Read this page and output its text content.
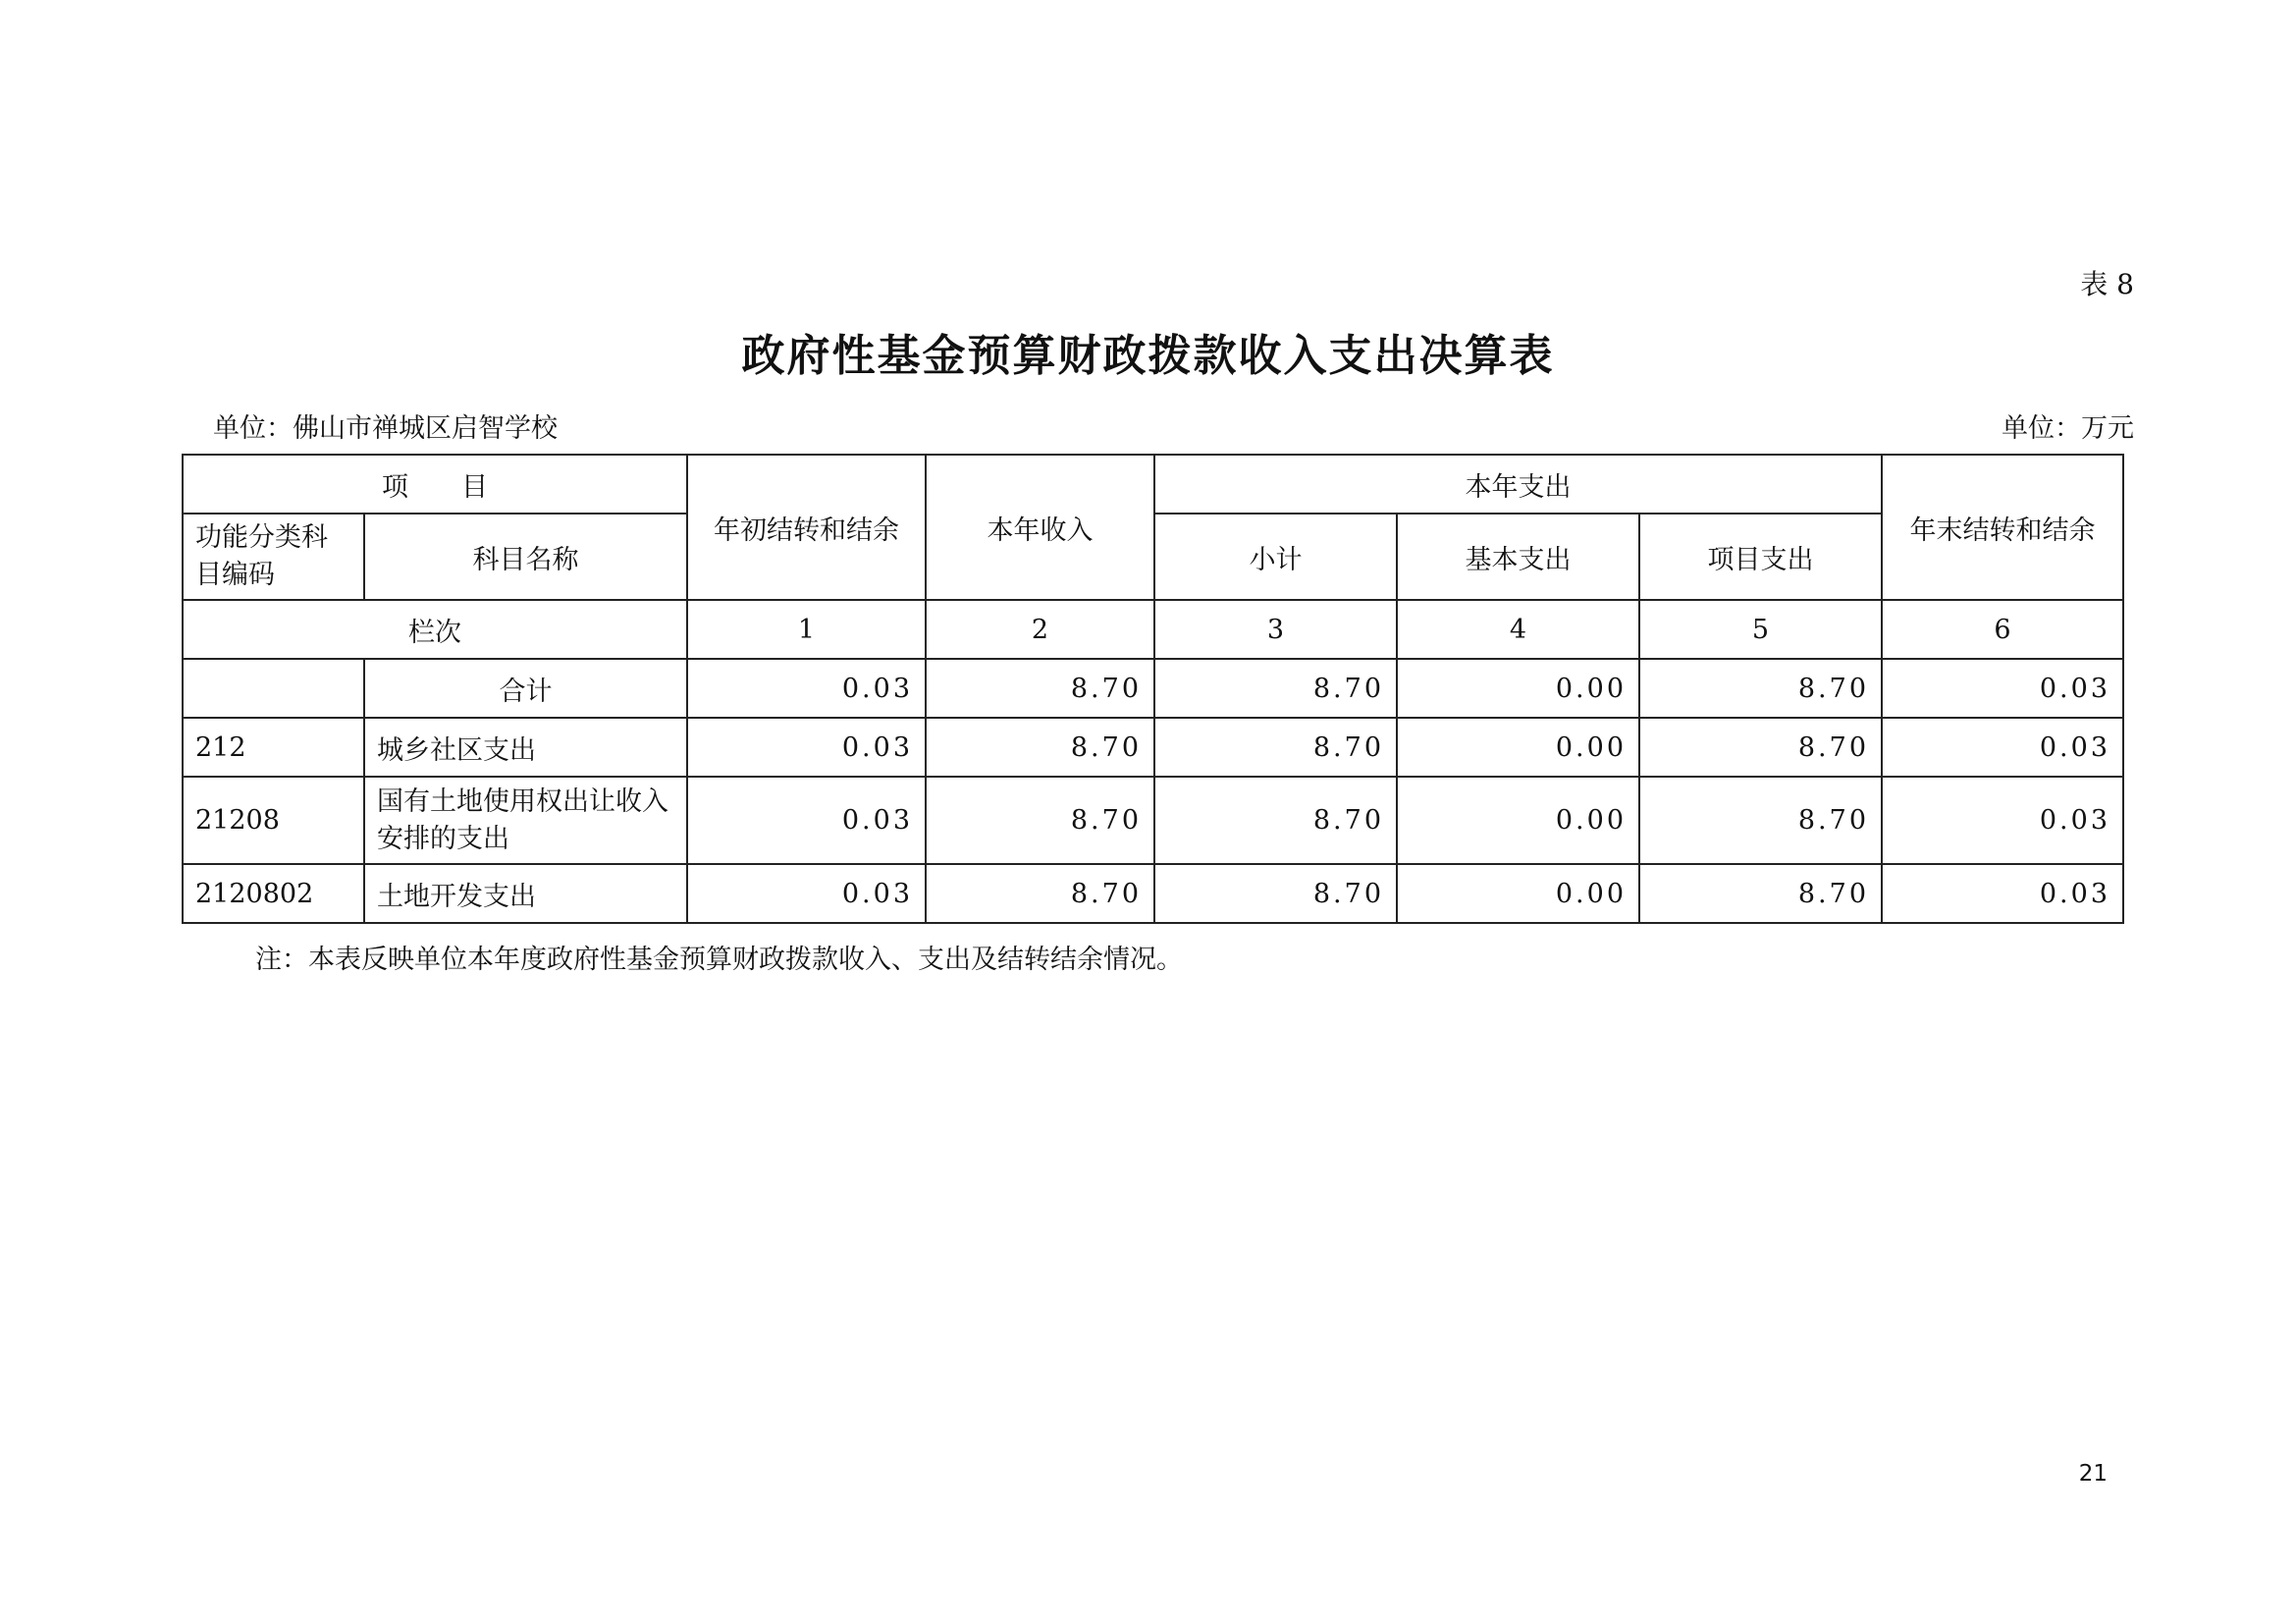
表 8
政府性基金预算财政拨款收入支出决算表
单位：佛山市禅城区启智学校	单位：万元
项　　目		年初结转和结余	本年收入	本年支出			年末结转和结余
功能分类科目编码	科目名称			小计	基本支出	项目支出	
栏次		1	2	3	4	5	6
	合计	0.03	8.70	8.70	0.00	8.70	0.03
212	城乡社区支出	0.03	8.70	8.70	0.00	8.70	0.03
21208	国有土地使用权出让收入安排的支出	0.03	8.70	8.70	0.00	8.70	0.03
2120802	土地开发支出	0.03	8.70	8.70	0.00	8.70	0.03
注：本表反映单位本年度政府性基金预算财政拨款收入、支出及结转结余情况。
21
